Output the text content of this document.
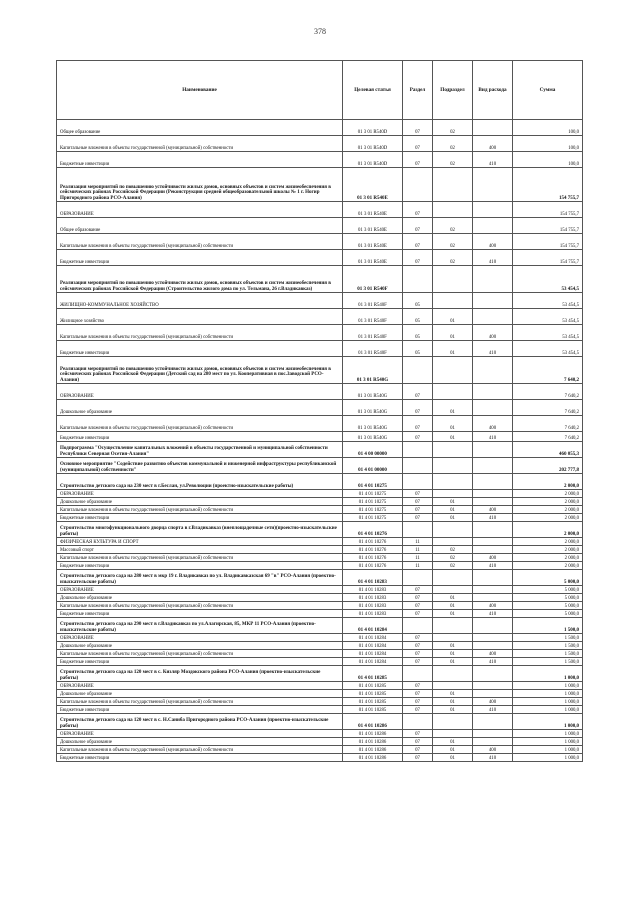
378
Наименование	Целевая статья	Раздел	Подраздел	Вид расхода	Сумма
Общее образование	01 3 01 R540D	07	02		100,0
Капитальные вложения в объекты государственной (муниципальной) собственности	01 3 01 R540D	07	02	400	100,0
Бюджетные инвестиции	01 3 01 R540D	07	02	410	100,0
Реализация мероприятий по повышению устойчивости жилых домов, основных объектов и систем жизнеобеспечения в сейсмических районах Российской Федерации (Реконструкция средней общеобразовательной школы № 1 г. Ногир Пригородного района РСО-Алания)	01 3 01 R540E				154 755,7
ОБРАЗОВАНИЕ	01 3 01 R540E	07			154 755,7
Общее образование	01 3 01 R540E	07	02		154 755,7
Капитальные вложения в объекты государственной (муниципальной) собственности	01 3 01 R540E	07	02	400	154 755,7
Бюджетные инвестиции	01 3 01 R540E	07	02	410	154 755,7
Реализация мероприятий по повышению устойчивости жилых домов, основных объектов и систем жизнеобеспечения в сейсмических районах Российской Федерации (Строительство жилого дома по ул. Тельмана, 26 г.Владикавказ)	01 3 01 R540F				53 454,5
ЖИЛИЩНО-КОММУНАЛЬНОЕ ХОЗЯЙСТВО	01 3 01 R540F	05			53 454,5
Жилищное хозяйство	01 3 01 R540F	05	01		53 454,5
Капитальные вложения в объекты государственной (муниципальной) собственности	01 3 01 R540F	05	01	400	53 454,5
Бюджетные инвестиции	01 3 01 R540F	05	01	410	53 454,5
Реализация мероприятий по повышению устойчивости жилых домов, основных объектов и систем жизнеобеспечения в сейсмических районах Российской Федерации (Детский сад на 280 мест по ул. Кооперативная в пос.Заводской РСО-Алания)	01 3 01 R540G				7 640,2
ОБРАЗОВАНИЕ	01 3 01 R540G	07			7 640,2
Дошкольное образование	01 3 01 R540G	07	01		7 640,2
Капитальные вложения в объекты государственной (муниципальной) собственности	01 3 01 R540G	07	01	400	7 640,2
Бюджетные инвестиции	01 3 01 R540G	07	01	410	7 640,2
Подпрограмма "Осуществление капитальных вложений в объекты государственной и муниципальной собственности Республики Северная Осетия-Алания"	01 4 00 00000				460 055,3
Основное мероприятие "Содействие развитию объектов коммунальной и инженерной инфраструктуры республиканской (муниципальной) собственности"	01 4 01 00000				202 777,8
Строительство детского сада на 230 мест в г.Беслан, ул.Революции (проектно-изыскательские работы)	01 4 01 10275				2 000,0
ОБРАЗОВАНИЕ	01 4 01 10275	07			2 000,0
Дошкольное образование	01 4 01 10275	07	01		2 000,0
Капитальные вложения в объекты государственной (муниципальной) собственности	01 4 01 10275	07	01	400	2 000,0
Бюджетные инвестиции	01 4 01 10275	07	01	410	2 000,0
Строительство многофункционального дворца спорта в г.Владикавказ (внеплощадочные сети)(проектно-изыскательские работы)	01 4 01 10276				2 000,0
ФИЗИЧЕСКАЯ КУЛЬТУРА И СПОРТ	01 4 01 10276	11			2 000,0
Массовый спорт	01 4 01 10276	11	02		2 000,0
Капитальные вложения в объекты государственной (муниципальной) собственности	01 4 01 10276	11	02	400	2 000,0
Бюджетные инвестиции	01 4 01 10276	11	02	410	2 000,0
Строительство детского сада на 280 мест в мкр 19 г. Владикавказ по ул. Владикавказская 69 "в" РСО-Алания (проектно-изыскательские работы)	01 4 01 10283				5 000,0
ОБРАЗОВАНИЕ	01 4 01 10283	07			5 000,0
Дошкольное образование	01 4 01 10283	07	01		5 000,0
Капитальные вложения в объекты государственной (муниципальной) собственности	01 4 01 10283	07	01	400	5 000,0
Бюджетные инвестиции	01 4 01 10283	07	01	410	5 000,0
Строительство детского сада на 290 мест в г.Владикавказ по ул.Алагирская, 85, МКР 11 РСО-Алания (проектно-изыскательские работы)	01 4 01 10284				1 500,0
ОБРАЗОВАНИЕ	01 4 01 10284	07			1 500,0
Дошкольное образование	01 4 01 10284	07	01		1 500,0
Капитальные вложения в объекты государственной (муниципальной) собственности	01 4 01 10284	07	01	400	1 500,0
Бюджетные инвестиции	01 4 01 10284	07	01	410	1 500,0
Строительство детского сада на 120 мест в с. Кизляр Моздокского района РСО-Алания (проектно-изыскательские работы)	01 4 01 10285				1 000,0
ОБРАЗОВАНИЕ	01 4 01 10285	07			1 000,0
Дошкольное образование	01 4 01 10285	07	01		1 000,0
Капитальные вложения в объекты государственной (муниципальной) собственности	01 4 01 10285	07	01	400	1 000,0
Бюджетные инвестиции	01 4 01 10285	07	01	410	1 000,0
Строительство детского сада на 120 мест в с. Н.Саниба Пригородного района РСО-Алания (проектно-изыскательские работы)	01 4 01 10286				1 000,0
ОБРАЗОВАНИЕ	01 4 01 10286	07			1 000,0
Дошкольное образование	01 4 01 10286	07	01		1 000,0
Капитальные вложения в объекты государственной (муниципальной) собственности	01 4 01 10286	07	01	400	1 000,0
Бюджетные инвестиции	01 4 01 10286	07	01	410	1 000,0
